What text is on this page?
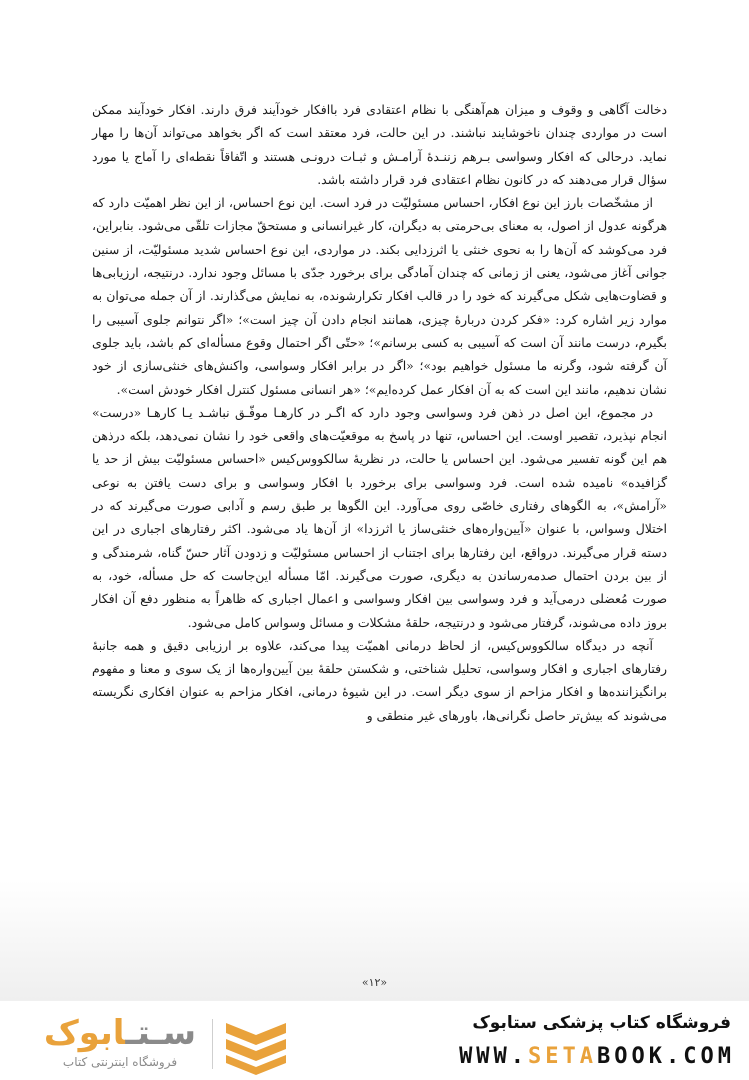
دخالت آگاهی و وقوف و میزان هم‌آهنگی با نظام اعتقادی فرد باافکار خودآیند فرق دارند. افکار خودآیند ممکن است در مواردی چندان ناخوشایند نباشند. در این حالت، فرد معتقد است که اگر بخواهد می‌تواند آن‌ها را مهار نماید. درحالی که افکار وسواسی بـرهم زننـدهٔ آرامـش و ثبـات درونـی هستند و اتّفاقاً نقطه‌ای را آماج یا مورد سؤال قرار می‌دهند که در کانون نظام اعتقادی فرد قرار داشته باشد.

از مشخّصات بارز این نوع افکار، احساس مسئولیّت در فرد است. این نوع احساس، از این نظر اهمیّت دارد که هرگونه عدول از اصول، به معنای بی‌حرمتی به دیگران، کار غیرانسانی و مستحقّ مجازات تلقّی می‌شود. بنابراین، فرد می‌کوشد که آن‌ها را به نحوی خنثی یا اثرزدایی بکند. در مواردی، این نوع احساس شدید مسئولیّت، از سنین جوانی آغاز می‌شود، یعنی از زمانی که چندان آمادگی برای برخورد جدّی با مسائل وجود ندارد. درنتیجه، ارزیابی‌ها و قضاوت‌هایی شکل می‌گیرند که خود را در قالب افکار تکرارشونده، به نمایش می‌گذارند. از آن جمله می‌توان به موارد زیر اشاره کرد: «فکر کردن دربارهٔ چیزی، همانند انجام دادن آن چیز است»؛ «اگر نتوانم جلوی آسیبی را بگیرم، درست مانند آن است که آسیبی به کسی برسانم»؛ «حتّی اگر احتمال وقوع مسأله‌ای کم باشد، باید جلوی آن گرفته شود، وگرنه ما مسئول خواهیم بود»؛ «اگر در برابر افکار وسواسی، واکنش‌های خنثی‌سازی از خود نشان ندهیم، مانند این است که به آن افکار عمل کرده‌ایم»؛ «هر انسانی مسئول کنترل افکار خودش است».

در مجموع، این اصل در ذهن فرد وسواسی وجود دارد که اگـر در کارهـا موفّـق نباشـد یـا کارهـا «درست» انجام نپذیرد، تقصیر اوست. این احساس، تنها در پاسخ به موقعیّت‌های واقعی خود را نشان نمی‌دهد، بلکه درذهن هم این گونه تفسیر می‌شود. این احساس یا حالت، در نظریهٔ سالکووس‌کیس «احساس مسئولیّت بیش از حد یا گزافیده» نامیده شده است. فرد وسواسی برای برخورد با افکار وسواسی و برای دست یافتن به نوعی «آرامش»، به الگوهای رفتاری خاصّی روی می‌آورد. این الگوها بر طبق رسم و آدابی صورت می‌گیرند که در اختلال وسواس، با عنوان «آیین‌واره‌های خنثی‌ساز یا اثرزدا» از آن‌ها یاد می‌شود. اکثر رفتارهای اجباری در این دسته قرار می‌گیرند. درواقع، این رفتارها برای اجتناب از احساس مسئولیّت و زدودن آثار حسّ گناه، شرمندگی و از بین بردن احتمال صدمه‌رساندن به دیگری، صورت می‌گیرند. امّا مسأله این‌جاست که حل مسأله، خود، به صورت مُعضلی درمی‌آید و فرد وسواسی بین افکار وسواسی و اعمال اجباری که ظاهراً به منظور دفع آن افکار بروز داده می‌شوند، گرفتار می‌شود و درنتیجه، حلقهٔ مشکلات و مسائل وسواس کامل می‌شود.

آنچه در دیدگاه سالکووس‌کیس، از لحاظ درمانی اهمیّت پیدا می‌کند، علاوه بر ارزیابی دقیق و همه جانبهٔ رفتارهای اجباری و افکار وسواسی، تحلیل شناختی، و شکستن حلقهٔ بین آیین‌واره‌ها از یک سوی و معنا و مفهوم برانگیزاننده‌ها و افکار مزاحم از سوی دیگر است. در این شیوهٔ درمانی، افکار مزاحم به عنوان افکاری نگریسته می‌شوند که بیش‌تر حاصل نگرانی‌ها، باورهای غیر منطقی و

«۱۲»
سـتـابوک
فروشگاه اینترنتی کتاب
فروشگاه کتاب پزشکی ستابوک
WWW.SETABOOK.COM
